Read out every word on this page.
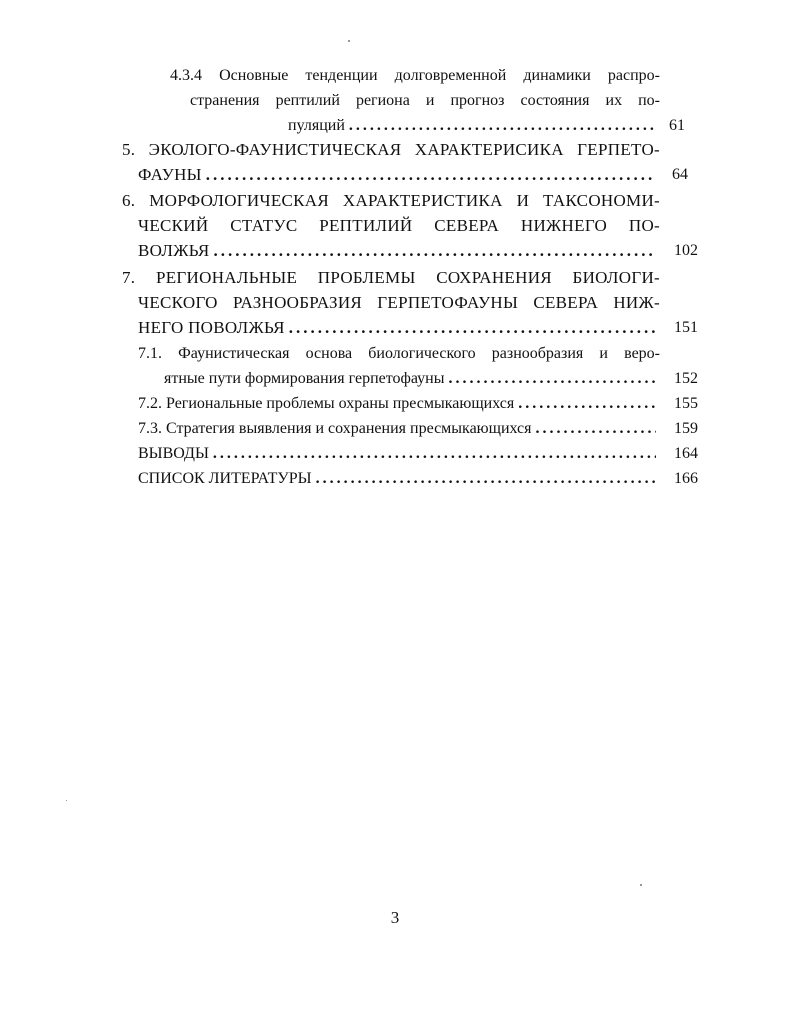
4.3.4 Основные тенденции долговременной динамики распро-
странения рептилий региона и прогноз состояния их по-
пуляций .....	61
5. ЭКОЛОГО-ФАУНИСТИЧЕСКАЯ ХАРАКТЕРИСИКА ГЕРПЕТО-
ФАУНЫ .....	64
6. МОРФОЛОГИЧЕСКАЯ ХАРАКТЕРИСТИКА И ТАКСОНОМИ-
ЧЕСКИЙ СТАТУС РЕПТИЛИЙ СЕВЕРА НИЖНЕГО ПО-
ВОЛЖЬЯ .....	102
7. РЕГИОНАЛЬНЫЕ ПРОБЛЕМЫ СОХРАНЕНИЯ БИОЛОГИ-
ЧЕСКОГО РАЗНООБРАЗИЯ ГЕРПЕТОФАУНЫ СЕВЕРА НИЖ-
НЕГО ПОВОЛЖЬЯ .....	151
7.1. Фаунистическая основа биологического разнообразия и веро-
ятные пути формирования герпетофауны .....	152
7.2. Региональные проблемы охраны пресмыкающихся .....	155
7.3. Стратегия выявления и сохранения пресмыкающихся .....	159
ВЫВОДЫ .....	164
СПИСОК ЛИТЕРАТУРЫ .....	166
3
